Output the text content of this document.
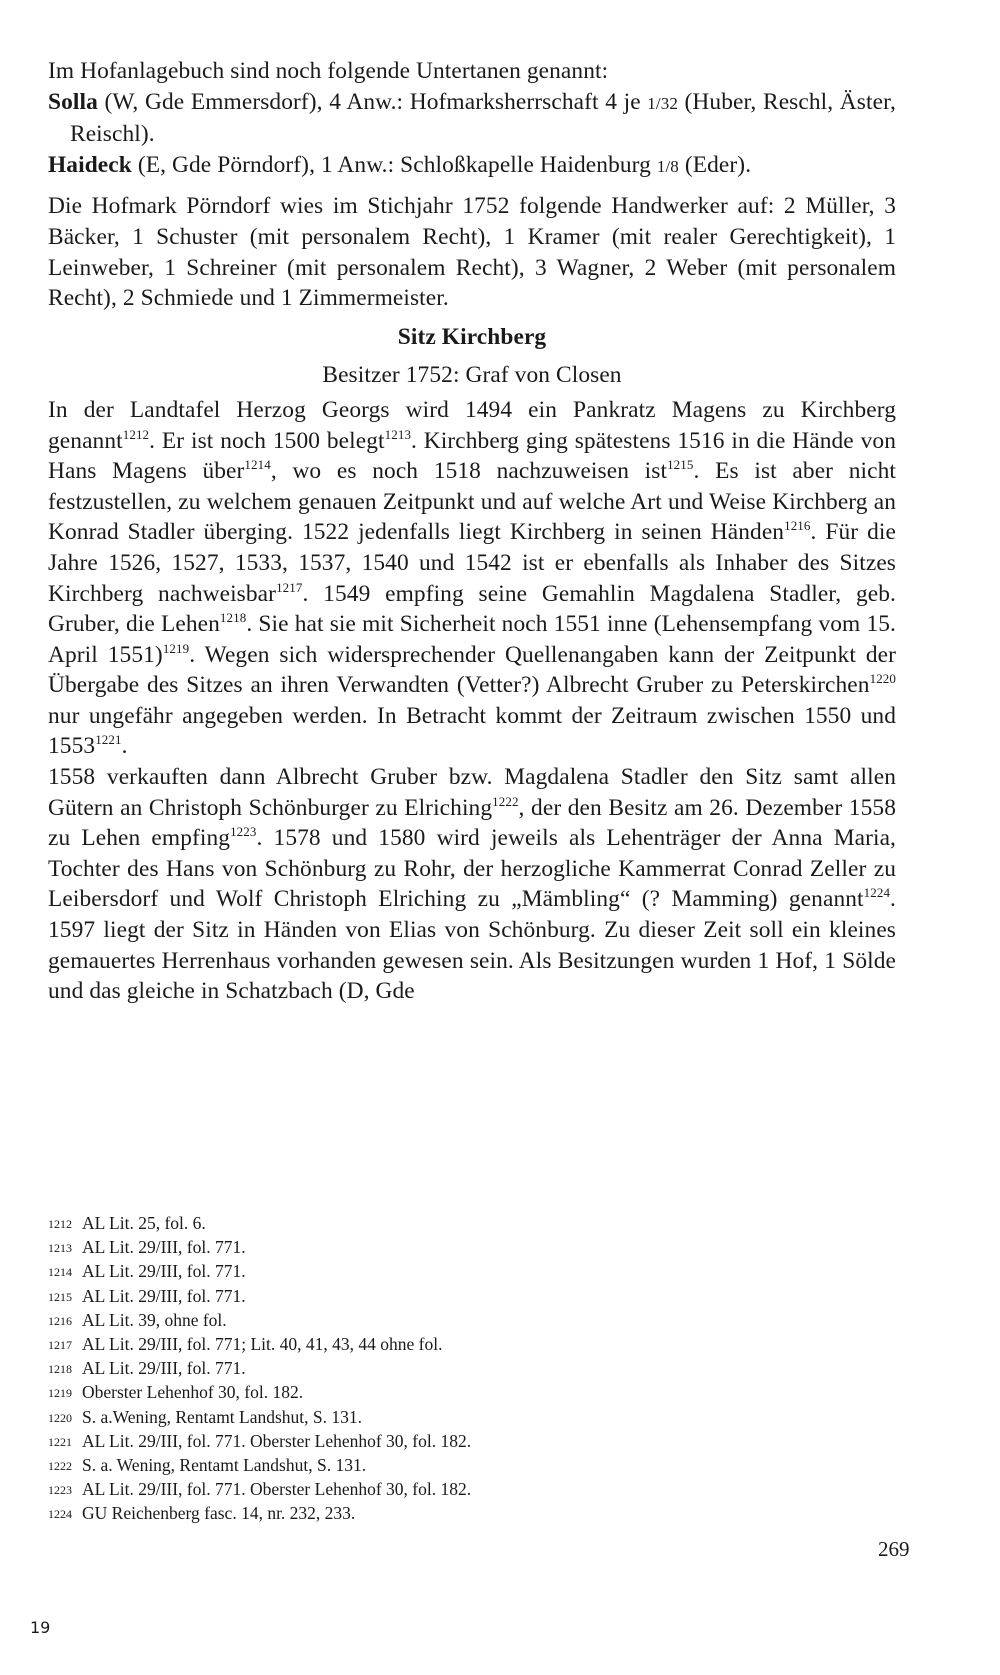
Im Hofanlagebuch sind noch folgende Untertanen genannt:

Solla (W, Gde Emmersdorf), 4 Anw.: Hofmarksherrschaft 4 je 1/32 (Huber, Reschl, Äster, Reischl).

Haideck (E, Gde Pörndorf), 1 Anw.: Schloßkapelle Haidenburg 1/8 (Eder).

Die Hofmark Pörndorf wies im Stichjahr 1752 folgende Handwerker auf: 2 Müller, 3 Bäcker, 1 Schuster (mit personalem Recht), 1 Kramer (mit realer Gerechtigkeit), 1 Leinweber, 1 Schreiner (mit personalem Recht), 3 Wagner, 2 Weber (mit personalem Recht), 2 Schmiede und 1 Zimmermeister.

Sitz Kirchberg

Besitzer 1752: Graf von Closen

In der Landtafel Herzog Georgs wird 1494 ein Pankratz Magens zu Kirchberg genannt$^{1212}$. Er ist noch 1500 belegt$^{1213}$. Kirchberg ging spätestens 1516 in die Hände von Hans Magens über$^{1214}$, wo es noch 1518 nachzuweisen ist$^{1215}$. Es ist aber nicht festzustellen, zu welchem genauen Zeitpunkt und auf welche Art und Weise Kirchberg an Konrad Stadler überging. 1522 jedenfalls liegt Kirchberg in seinen Händen$^{1216}$. Für die Jahre 1526, 1527, 1533, 1537, 1540 und 1542 ist er ebenfalls als Inhaber des Sitzes Kirchberg nachweisbar$^{1217}$. 1549 empfing seine Gemahlin Magdalena Stadler, geb. Gruber, die Lehen$^{1218}$. Sie hat sie mit Sicherheit noch 1551 inne (Lehensempfang vom 15. April 1551)$^{1219}$. Wegen sich widersprechender Quellenangaben kann der Zeitpunkt der Übergabe des Sitzes an ihren Verwandten (Vetter?) Albrecht Gruber zu Peterskirchen$^{1220}$ nur ungefähr angegeben werden. In Betracht kommt der Zeitraum zwischen 1550 und $1553^{1221}$.

1558 verkauften dann Albrecht Gruber bzw. Magdalena Stadler den Sitz samt allen Gütern an Christoph Schönburger zu Elriching$^{1222}$, der den Besitz am 26. Dezember 1558 zu Lehen empfing$^{1223}$. 1578 und 1580 wird jeweils als Lehenträger der Anna Maria, Tochter des Hans von Schönburg zu Rohr, der herzogliche Kammerrat Conrad Zeller zu Leibersdorf und Wolf Christoph Elriching zu „Mämbling“ (? Mamming) genannt$^{1224}$. 1597 liegt der Sitz in Händen von Elias von Schönburg. Zu dieser Zeit soll ein kleines gemauertes Herrenhaus vorhanden gewesen sein. Als Besitzungen wurden 1 Hof, 1 Sölde und das gleiche in Schatzbach (D, Gde

1212 AL Lit. 25, fol. 6.
1213 AL Lit. 29/III, fol. 771.
1214 AL Lit. 29/III, fol. 771.
1215 AL Lit. 29/III, fol. 771.
1216 AL Lit. 39, ohne fol.
1217 AL Lit. 29/III, fol. 771; Lit. 40, 41, 43, 44 ohne fol.
1218 AL Lit. 29/III, fol. 771.
1219 Oberster Lehenhof 30, fol. 182.
1220 S. a.Wening, Rentamt Landshut, S. 131.
1221 AL Lit. 29/III, fol. 771. Oberster Lehenhof 30, fol. 182.
1222 S. a. Wening, Rentamt Landshut, S. 131.
1223 AL Lit. 29/III, fol. 771. Oberster Lehenhof 30, fol. 182.
1224 GU Reichenberg fasc. 14, nr. 232, 233.
269
19
